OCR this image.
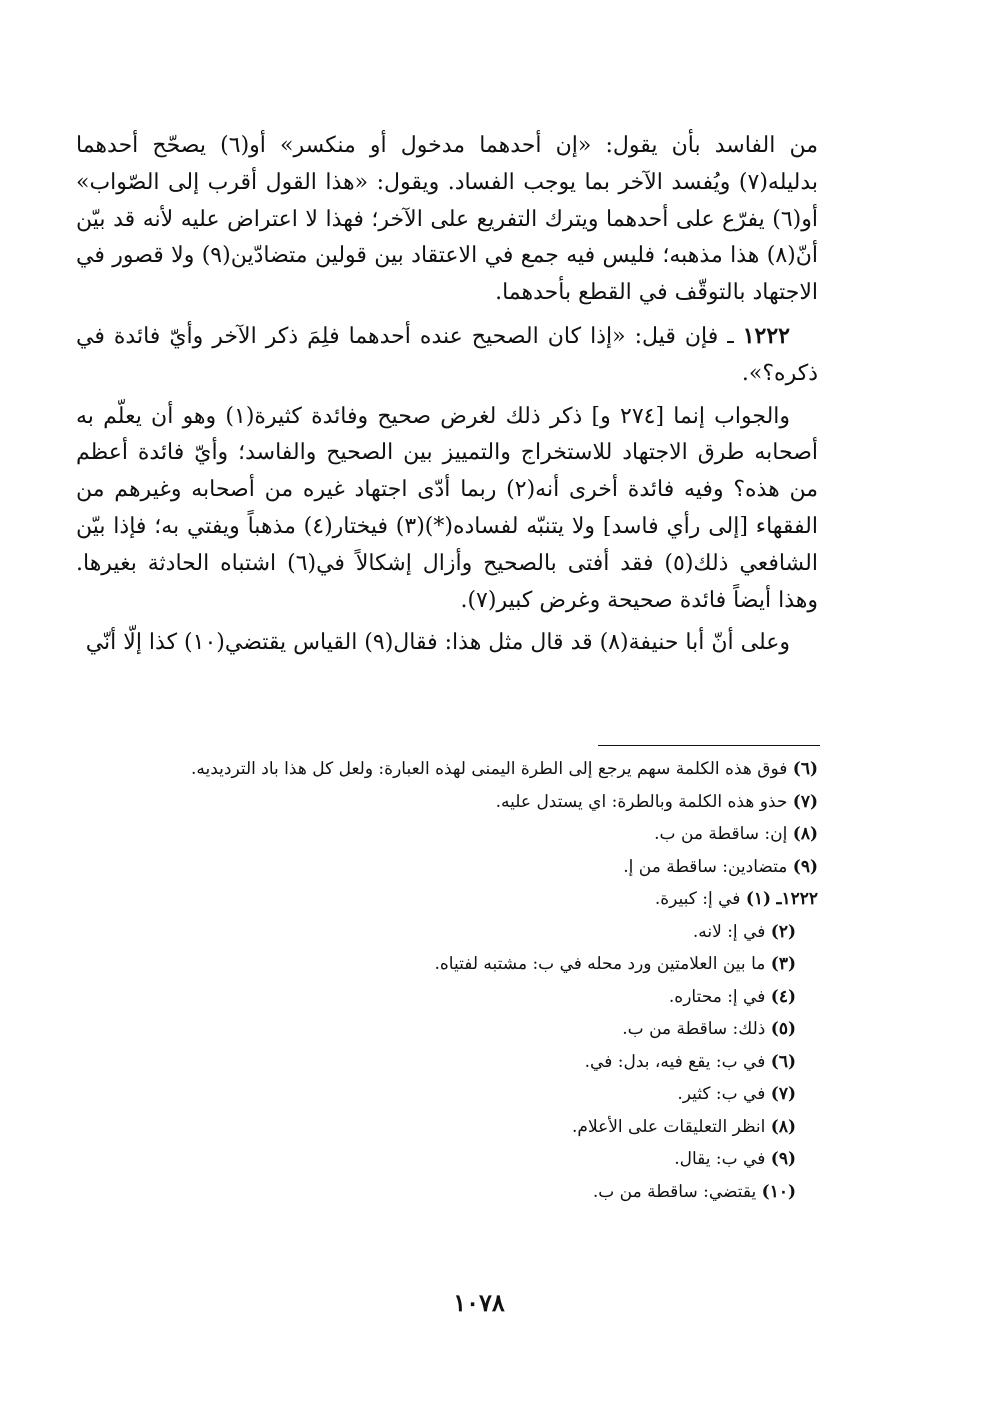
من الفاسد بأن يقول: «إن أحدهما مدخول أو منكسر» أو(٦) يصحّح أحدهما بدليله(٧) ويُفسد الآخر بما يوجب الفساد. ويقول: «هذا القول أقرب إلى الصّواب» أو(٦) يفرّع على أحدهما ويترك التفريع على الآخر؛ فهذا لا اعتراض عليه لأنه قد بيّن أنّ(٨) هذا مذهبه؛ فليس فيه جمع في الاعتقاد بين قولين متضادّين(٩) ولا قصور في الاجتهاد بالتوقّف في القطع بأحدهما.

١٢٢٢ ـ فإن قيل: «إذا كان الصحيح عنده أحدهما فلِمَ ذكر الآخر وأيّ فائدة في ذكره؟».

والجواب إنما [٢٧٤ و] ذكر ذلك لغرض صحيح وفائدة كثيرة(١) وهو أن يعلّم به أصحابه طرق الاجتهاد للاستخراج والتمييز بين الصحيح والفاسد؛ وأيّ فائدة أعظم من هذه؟ وفيه فائدة أخرى أنه(٢) ربما أدّى اجتهاد غيره من أصحابه وغيرهم من الفقهاء [إلى رأي فاسد] ولا يتنبّه لفساده(*)(٣) فيختار(٤) مذهباً ويفتي به؛ فإذا بيّن الشافعي ذلك(٥) فقد أفتى بالصحيح وأزال إشكالاً في(٦) اشتباه الحادثة بغيرها. وهذا أيضاً فائدة صحيحة وغرض كبير(٧).

وعلى أنّ أبا حنيفة(٨) قد قال مثل هذا: فقال(٩) القياس يقتضي(١٠) كذا إلّا أنّي

(٦) فوق هذه الكلمة سهم يرجع إلى الطرة اليمنى لهذه العبارة: ولعل كل هذا باد الترديديه.
(٧) حذو هذه الكلمة وبالطرة: اي يستدل عليه.
(٨) إن: ساقطة من ب.
(٩) متضادين: ساقطة من إ.
١٢٢٢ـ (١) في إ: كبيرة.
(٢) في إ: لانه.
(٣) ما بين العلامتين ورد محله في ب: مشتبه لفتياه.
(٤) في إ: محتاره.
(٥) ذلك: ساقطة من ب.
(٦) في ب: يقع فيه، بدل: في.
(٧) في ب: كثير.
(٨) انظر التعليقات على الأعلام.
(٩) في ب: يقال.
(١٠) يقتضي: ساقطة من ب.
١٠٧٨
